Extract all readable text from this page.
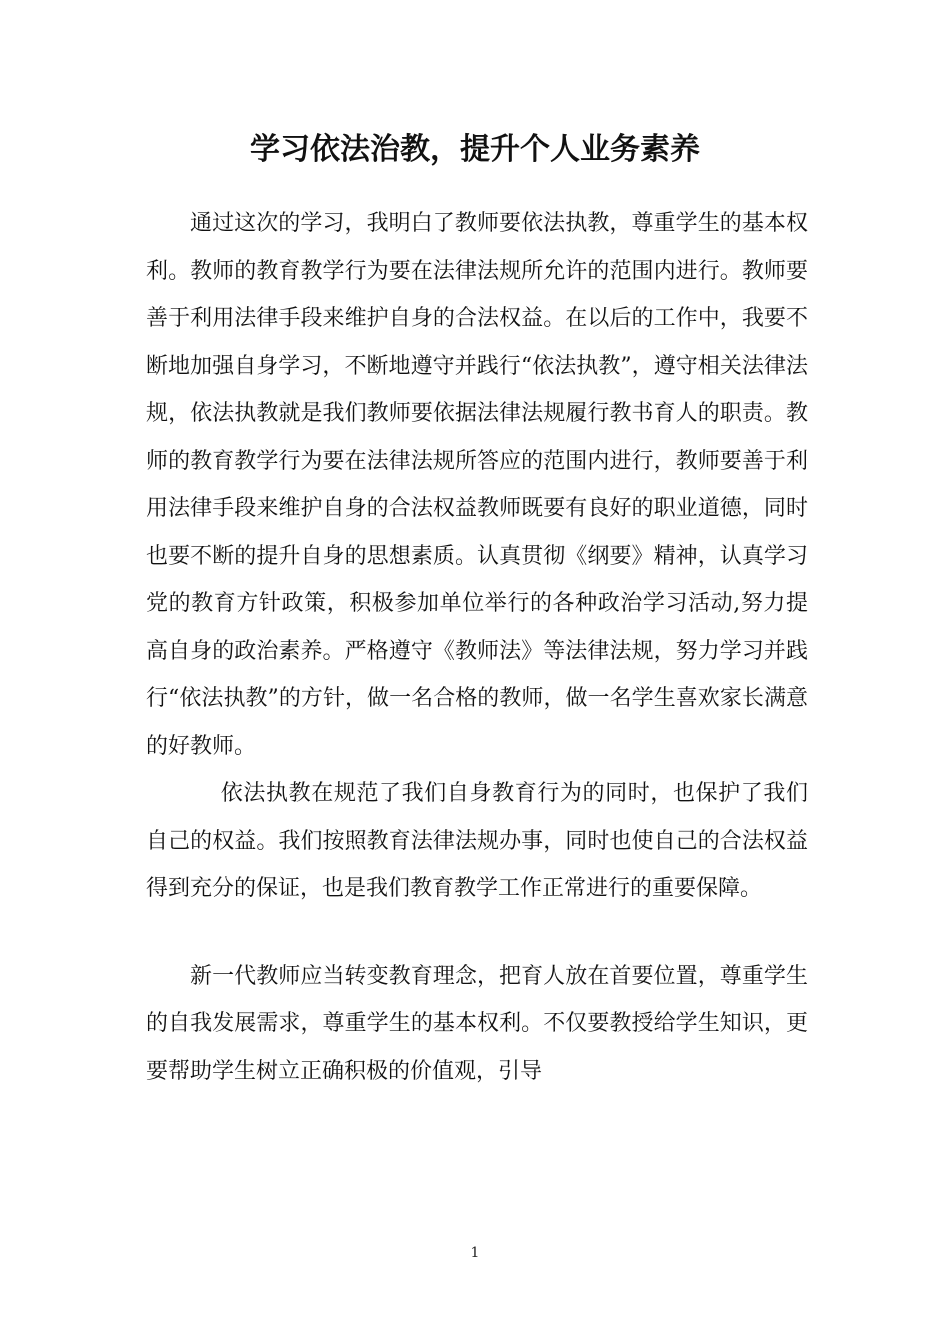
学习依法治教，提升个人业务素养

通过这次的学习，我明白了教师要依法执教，尊重学生的基本权利。教师的教育教学行为要在法律法规所允许的范围内进行。教师要善于利用法律手段来维护自身的合法权益。在以后的工作中，我要不断地加强自身学习，不断地遵守并践行“依法执教”，遵守相关法律法规，依法执教就是我们教师要依据法律法规履行教书育人的职责。教师的教育教学行为要在法律法规所答应的范围内进行，教师要善于利用法律手段来维护自身的合法权益教师既要有良好的职业道德，同时也要不断的提升自身的思想素质。认真贯彻《纲要》精神，认真学习党的教育方针政策，积极参加单位举行的各种政治学习活动,努力提高自身的政治素养。严格遵守《教师法》等法律法规，努力学习并践行“依法执教”的方针，做一名合格的教师，做一名学生喜欢家长满意的好教师。

依法执教在规范了我们自身教育行为的同时，也保护了我们自己的权益。我们按照教育法律法规办事，同时也使自己的合法权益得到充分的保证，也是我们教育教学工作正常进行的重要保障。

新一代教师应当转变教育理念，把育人放在首要位置，尊重学生的自我发展需求，尊重学生的基本权利。不仅要教授给学生知识，更要帮助学生树立正确积极的价值观，引导

1
